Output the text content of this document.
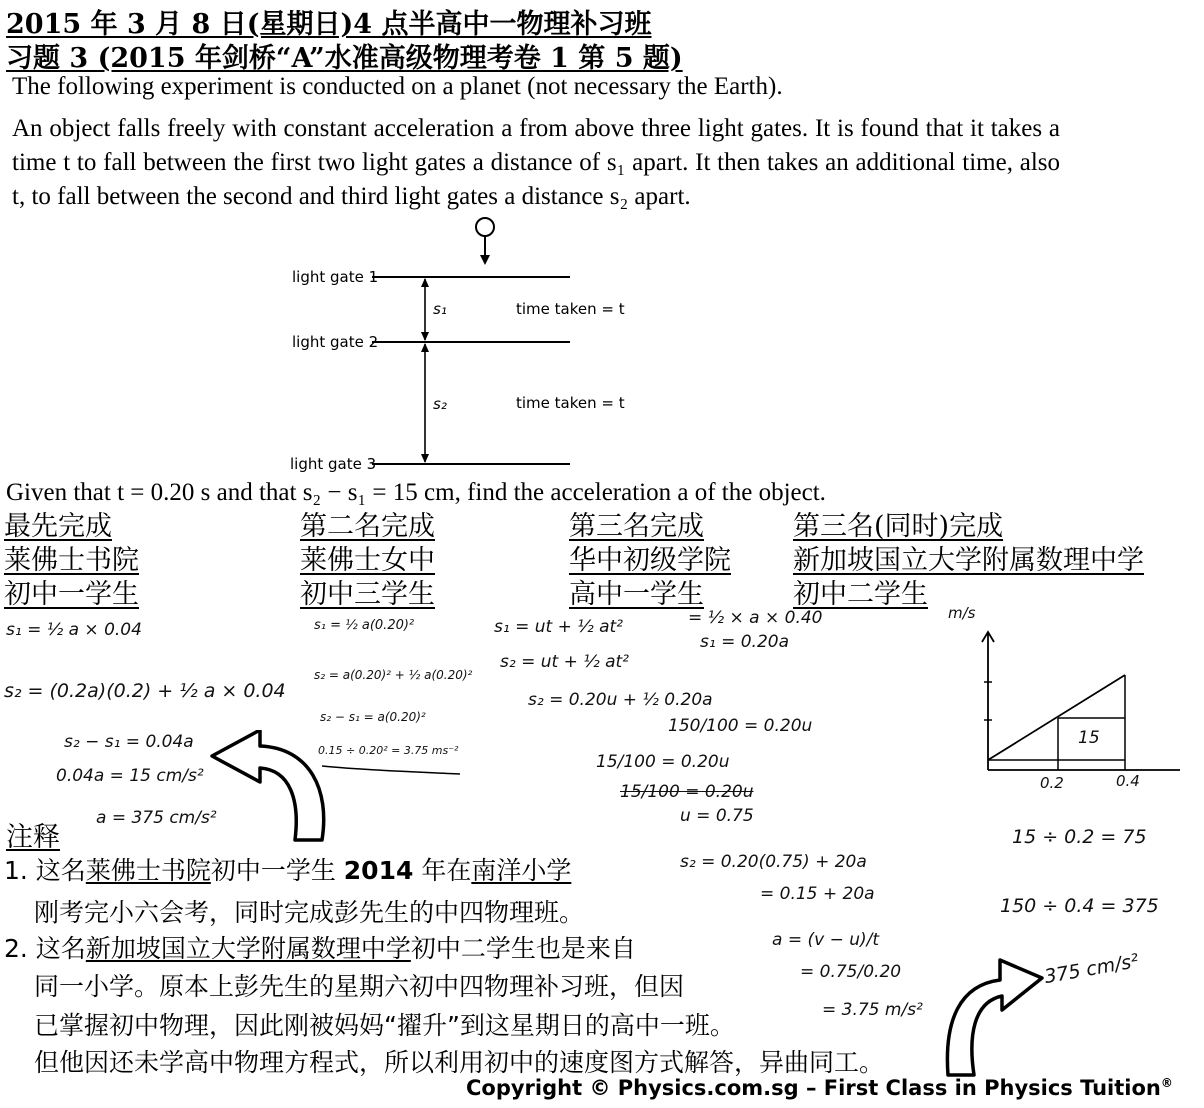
2015 年 3 月 8 日(星期日)4 点半高中一物理补习班
习题 3 (2015 年剑桥“A”水准高级物理考卷 1 第 5 题)
The following experiment is conducted on a planet (not necessary the Earth).
An object falls freely with constant acceleration a from above three light gates. It is found that it takes a time t to fall between the first two light gates a distance of s₁ apart. It then takes an additional time, also t, to fall between the second and third light gates a distance s₂ apart.
light gate 1
light gate 2
light gate 3
s₁
s₂
time taken = t
time taken = t
Given that t = 0.20 s and that s₂ − s₁ = 15 cm, find the acceleration a of the object.
最先完成
莱佛士书院
初中一学生
第二名完成
莱佛士女中
初中三学生
第三名完成
华中初级学院
高中一学生
第三名(同时)完成
新加坡国立大学附属数理中学
初中二学生
s₁ = ½ a × 0.04
s₂ = (0.2a)(0.2) + ½ a × 0.04
s₂ − s₁ = 0.04a
0.04a = 15 cm/s²
a = 375 cm/s²
s₁ = ½ a(0.20)²
s₂ = a(0.20)² + ½ a(0.20)²
s₂ − s₁ = a(0.20)²
0.15 ÷ 0.20² = 3.75 ms⁻²
s₁ = ut + ½ at²
s₂ = ut + ½ at²
s₂ = 0.20u + ½ 0.20a
15/100 = 0.20u
15/100 = 0.20u
u = 0.75
= ½ × a × 0.40
s₁ = 0.20a
150/100 = 0.20u
s₂ = 0.20(0.75) + 20a
= 0.15 + 20a
a = (v − u)/t
= 0.75/0.20
= 3.75 m/s²
m/s
15
0.2	0.4
15 ÷ 0.2 = 75
150 ÷ 0.4 = 375
375 cm/s²
注释
1. 这名莱佛士书院初中一学生 2014 年在南洋小学
刚考完小六会考，同时完成彭先生的中四物理班。
2. 这名新加坡国立大学附属数理中学初中二学生也是来自
同一小学。原本上彭先生的星期六初中四物理补习班，但因
已掌握初中物理，因此刚被妈妈“擢升”到这星期日的高中一班。
但他因还未学高中物理方程式，所以利用初中的速度图方式解答，异曲同工。
Copyright © Physics.com.sg – First Class in Physics Tuition®
